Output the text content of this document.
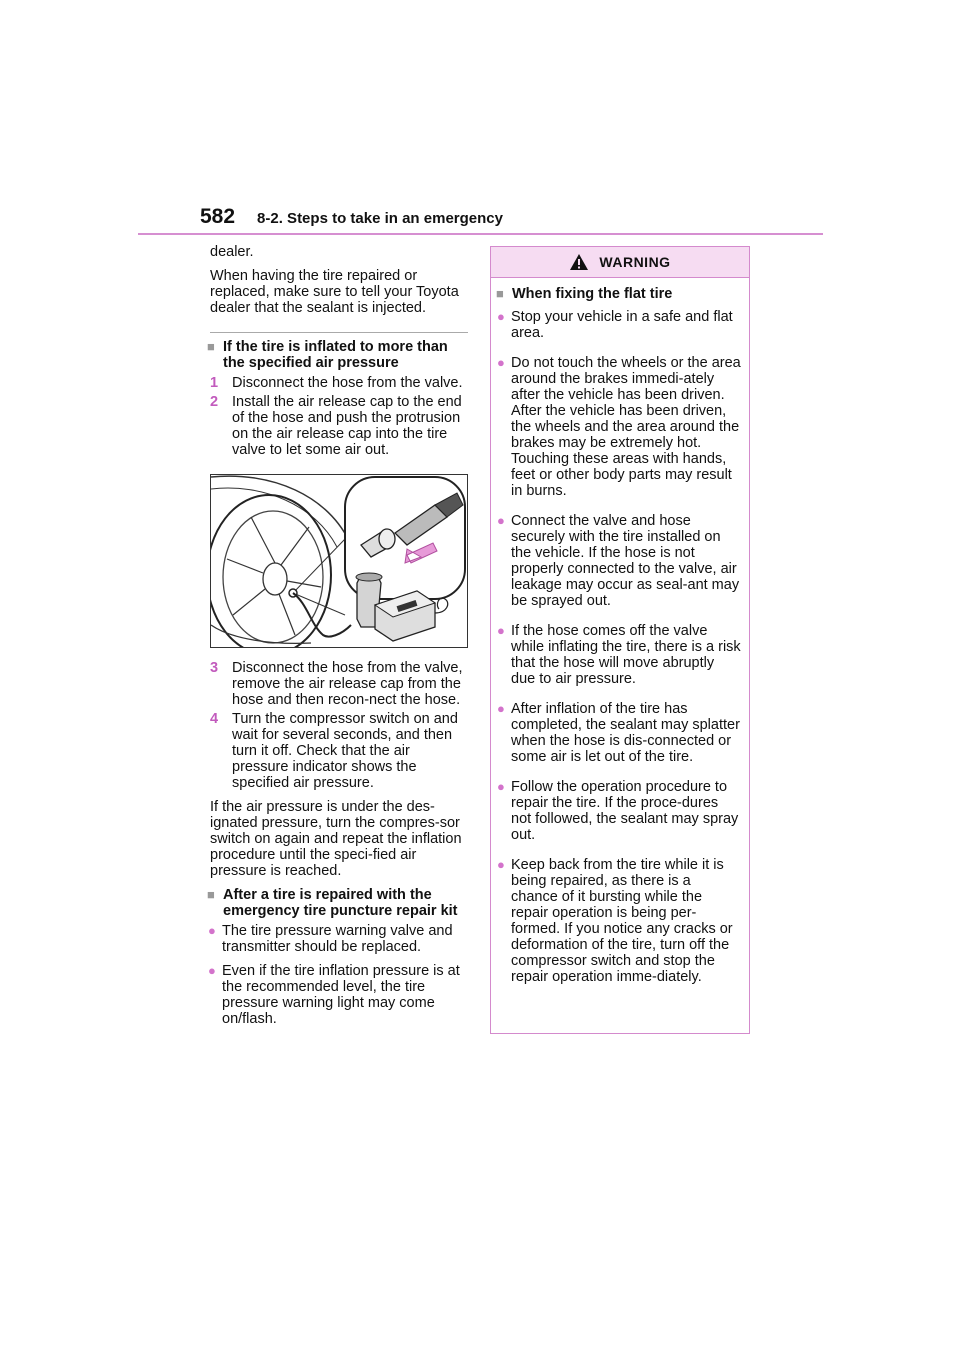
582 8-2. Steps to take in an emergency

dealer.

When having the tire repaired or replaced, make sure to tell your Toyota dealer that the sealant is injected.

■ If the tire is inflated to more than the specified air pressure
1 Disconnect the hose from the valve.
2 Install the air release cap to the end of the hose and push the protrusion on the air release cap into the tire valve to let some air out.
3 Disconnect the hose from the valve, remove the air release cap from the hose and then recon-nect the hose.
4 Turn the compressor switch on and wait for several seconds, and then turn it off. Check that the air pressure indicator shows the specified air pressure.

If the air pressure is under the des-ignated pressure, turn the compres-sor switch on again and repeat the inflation procedure until the speci-fied air pressure is reached.

■ After a tire is repaired with the emergency tire puncture repair kit
● The tire pressure warning valve and transmitter should be replaced.
● Even if the tire inflation pressure is at the recommended level, the tire pressure warning light may come on/flash.
WARNING
■ When fixing the flat tire
● Stop your vehicle in a safe and flat area.
● Do not touch the wheels or the area around the brakes immedi-ately after the vehicle has been driven.
After the vehicle has been driven, the wheels and the area around the brakes may be extremely hot. Touching these areas with hands, feet or other body parts may result in burns.
● Connect the valve and hose securely with the tire installed on the vehicle. If the hose is not properly connected to the valve, air leakage may occur as seal-ant may be sprayed out.
● If the hose comes off the valve while inflating the tire, there is a risk that the hose will move abruptly due to air pressure.
● After inflation of the tire has completed, the sealant may splatter when the hose is dis-connected or some air is let out of the tire.
● Follow the operation procedure to repair the tire. If the proce-dures not followed, the sealant may spray out.
● Keep back from the tire while it is being repaired, as there is a chance of it bursting while the repair operation is being per-formed. If you notice any cracks or deformation of the tire, turn off the compressor switch and stop the repair operation imme-diately.
